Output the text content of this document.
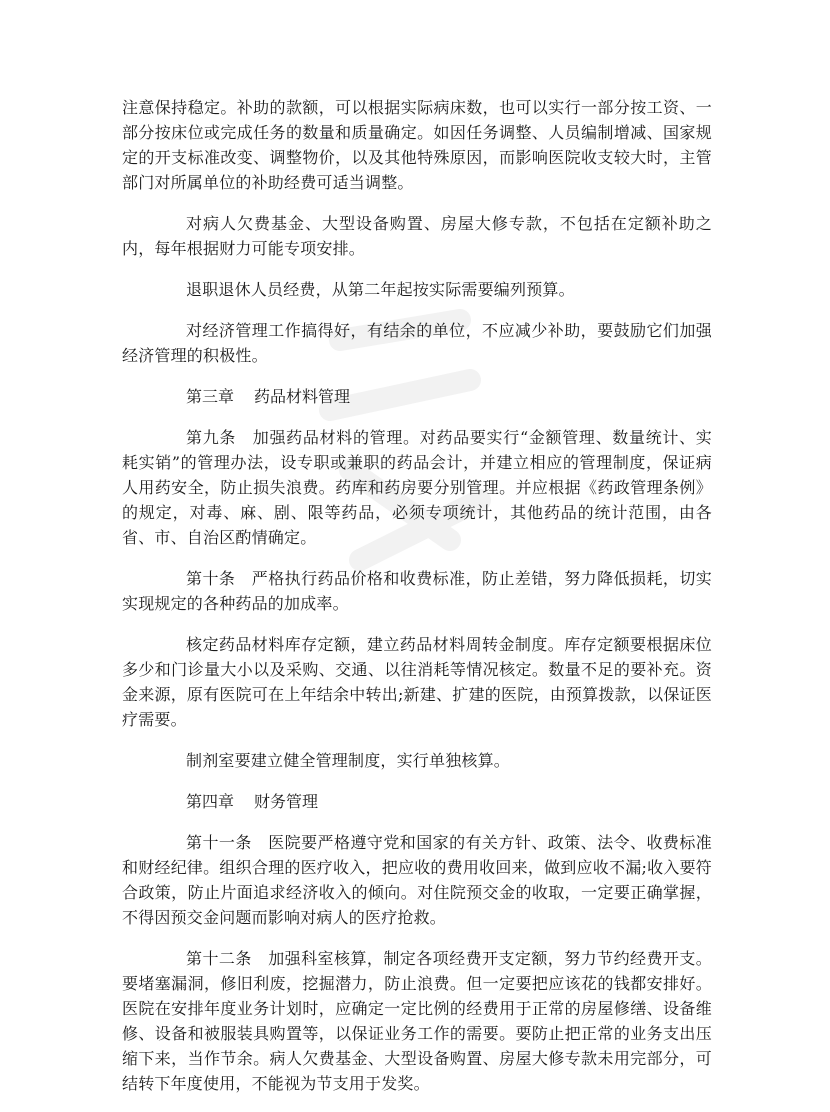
注意保持稳定。补助的款额，可以根据实际病床数，也可以实行一部分按工资、一部分按床位或完成任务的数量和质量确定。如因任务调整、人员编制增减、国家规定的开支标准改变、调整物价，以及其他特殊原因，而影响医院收支较大时，主管部门对所属单位的补助经费可适当调整。

对病人欠费基金、大型设备购置、房屋大修专款，不包括在定额补助之内，每年根据财力可能专项安排。

退职退休人员经费，从第二年起按实际需要编列预算。

对经济管理工作搞得好，有结余的单位，不应减少补助，要鼓励它们加强经济管理的积极性。

第三章 药品材料管理

第九条　加强药品材料的管理。对药品要实行“金额管理、数量统计、实耗实销”的管理办法，设专职或兼职的药品会计，并建立相应的管理制度，保证病人用药安全，防止损失浪费。药库和药房要分别管理。并应根据《药政管理条例》的规定，对毒、麻、剧、限等药品，必须专项统计，其他药品的统计范围，由各省、市、自治区酌情确定。

第十条　严格执行药品价格和收费标准，防止差错，努力降低损耗，切实实现规定的各种药品的加成率。

核定药品材料库存定额，建立药品材料周转金制度。库存定额要根据床位多少和门诊量大小以及采购、交通、以往消耗等情况核定。数量不足的要补充。资金来源，原有医院可在上年结余中转出;新建、扩建的医院，由预算拨款，以保证医疗需要。

制剂室要建立健全管理制度，实行单独核算。

第四章 财务管理

第十一条　医院要严格遵守党和国家的有关方针、政策、法令、收费标准和财经纪律。组织合理的医疗收入，把应收的费用收回来，做到应收不漏;收入要符合政策，防止片面追求经济收入的倾向。对住院预交金的收取，一定要正确掌握，不得因预交金问题而影响对病人的医疗抢救。

第十二条　加强科室核算，制定各项经费开支定额，努力节约经费开支。要堵塞漏洞，修旧利废，挖掘潜力，防止浪费。但一定要把应该花的钱都安排好。医院在安排年度业务计划时，应确定一定比例的经费用于正常的房屋修缮、设备维修、设备和被服装具购置等，以保证业务工作的需要。要防止把正常的业务支出压缩下来，当作节余。病人欠费基金、大型设备购置、房屋大修专款未用完部分，可结转下年度使用，不能视为节支用于发奖。
